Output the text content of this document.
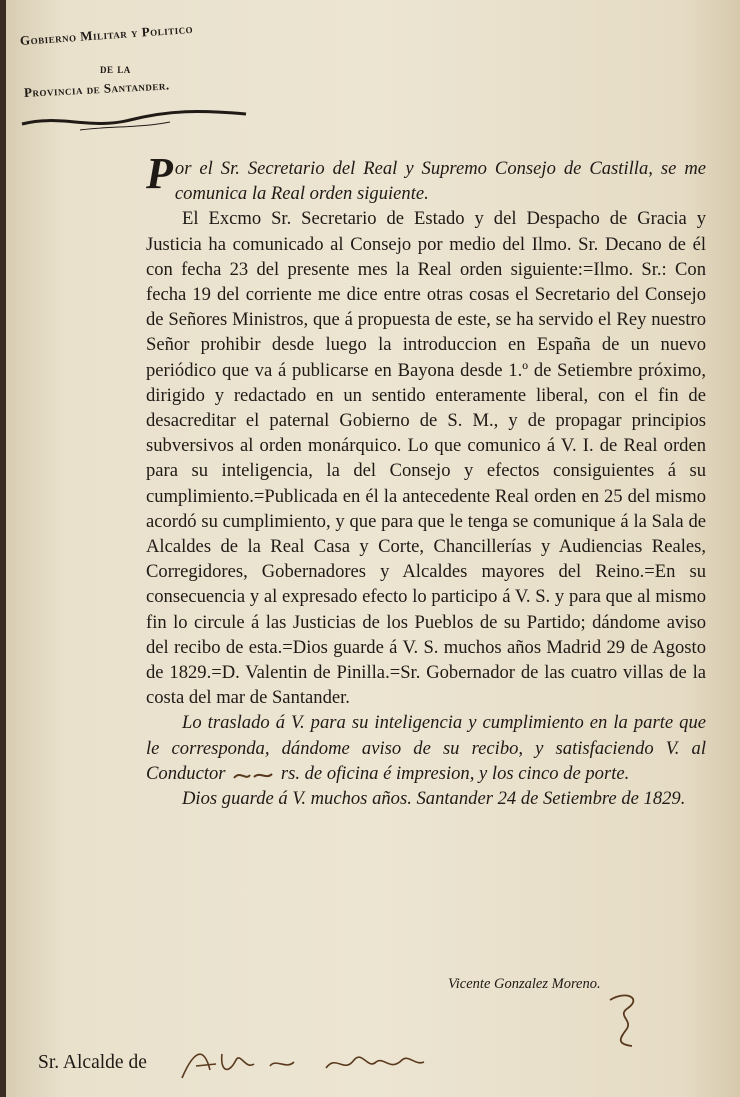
Gobierno Militar y Politico
de la
Provincia de Santander.

Por el Sr. Secretario del Real y Supremo Consejo de Castilla, se me comunica la Real orden siguiente.

El Excmo Sr. Secretario de Estado y del Despacho de Gracia y Justicia ha comunicado al Consejo por medio del Ilmo. Sr. Decano de él con fecha 23 del presente mes la Real orden siguiente:=Ilmo. Sr.: Con fecha 19 del corriente me dice entre otras cosas el Secretario del Consejo de Señores Ministros, que á propuesta de este, se ha servido el Rey nuestro Señor prohibir desde luego la introduccion en España de un nuevo periódico que va á publicarse en Bayona desde 1.º de Setiembre próximo, dirigido y redactado en un sentido enteramente liberal, con el fin de desacreditar el paternal Gobierno de S. M., y de propagar principios subversivos al orden monárquico. Lo que comunico á V. I. de Real orden para su inteligencia, la del Consejo y efectos consiguientes á su cumplimiento.=Publicada en él la antecedente Real orden en 25 del mismo acordó su cumplimiento, y que para que le tenga se comunique á la Sala de Alcaldes de la Real Casa y Corte, Chancillerías y Audiencias Reales, Corregidores, Gobernadores y Alcaldes mayores del Reino.=En su consecuencia y al expresado efecto lo participo á V. S. y para que al mismo fin lo circule á las Justicias de los Pueblos de su Partido; dándome aviso del recibo de esta.=Dios guarde á V. S. muchos años Madrid 29 de Agosto de 1829.=D. Valentin de Pinilla.=Sr. Gobernador de las cuatro villas de la costa del mar de Santander.

Lo traslado á V. para su inteligencia y cumplimiento en la parte que le corresponda, dándome aviso de su recibo, y satisfaciendo V. al Conductor	rs. de oficina é impresion, y los cinco de porte.

Dios guarde á V. muchos años. Santander 24 de Setiembre de 1829.

Vicente Gonzalez Moreno.
Sr. Alcalde de
